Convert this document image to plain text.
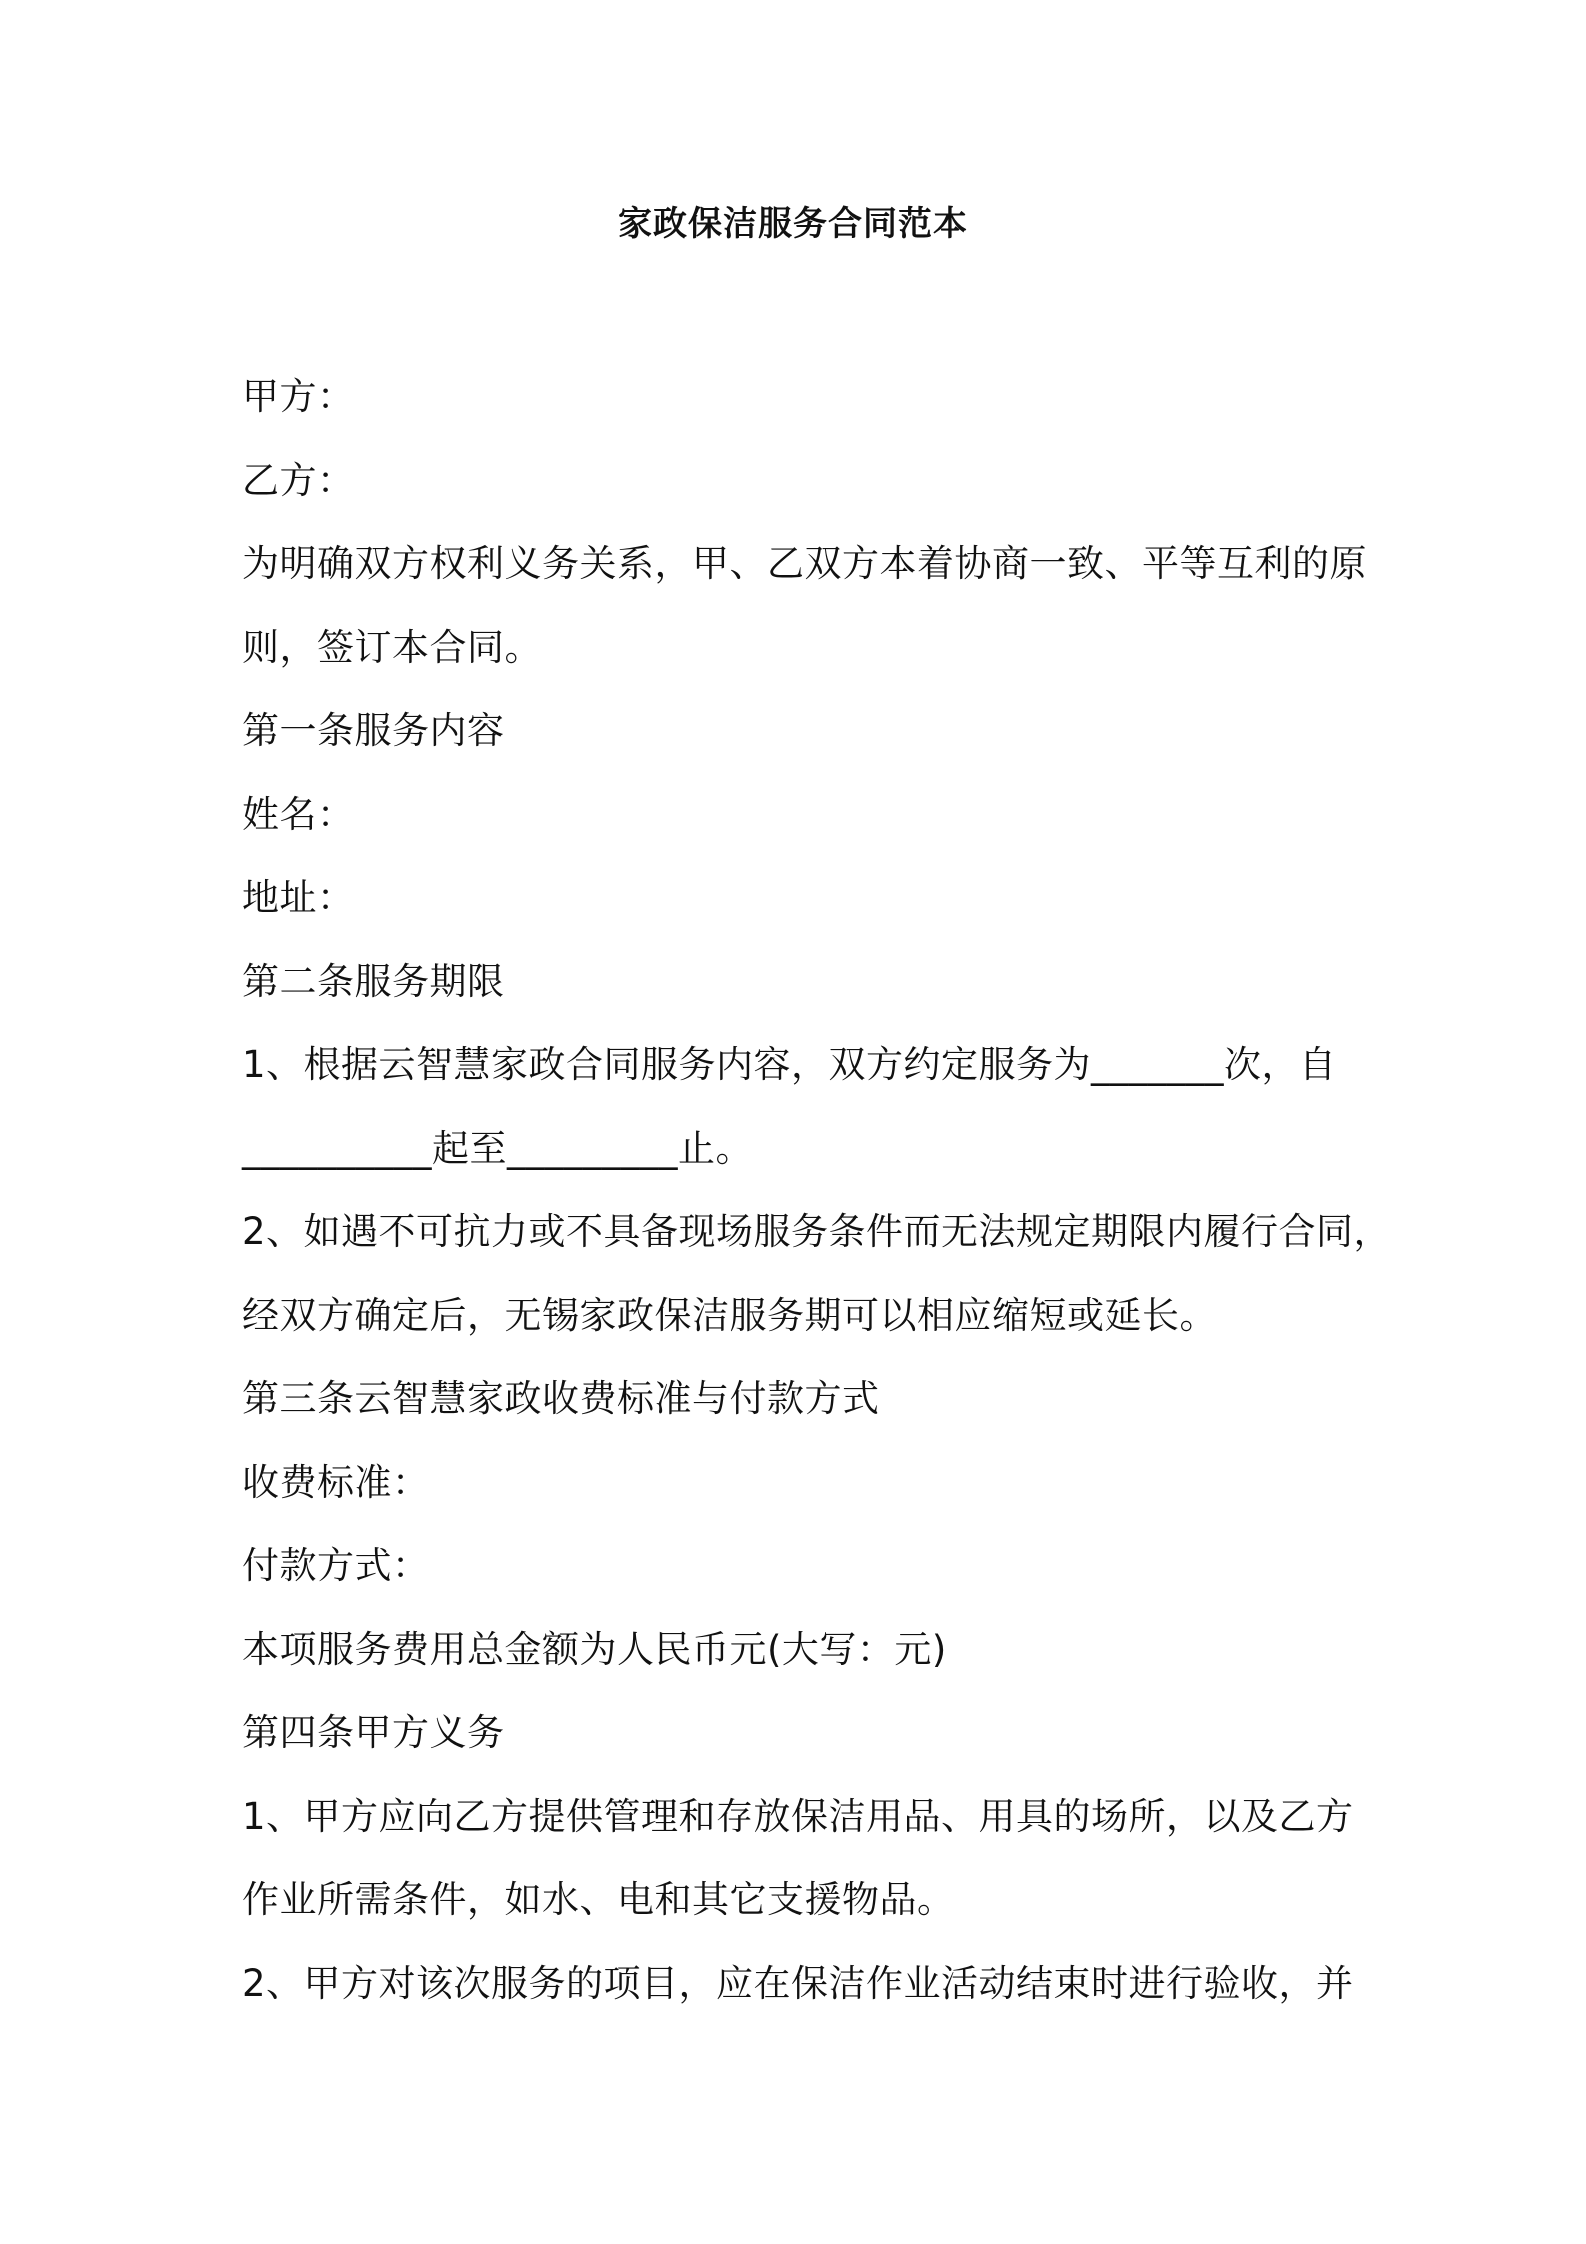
家政保洁服务合同范本
甲方：
乙方：
为明确双方权利义务关系，甲、乙双方本着协商一致、平等互利的原
则，签订本合同。
第一条服务内容
姓名：
地址：
第二条服务期限
1、根据云智慧家政合同服务内容，双方约定服务为_______次，自
__________起至_________止。
2、如遇不可抗力或不具备现场服务条件而无法规定期限内履行合同，
经双方确定后，无锡家政保洁服务期可以相应缩短或延长。
第三条云智慧家政收费标准与付款方式
收费标准：
付款方式：
本项服务费用总金额为人民币元(大写：元)
第四条甲方义务
1、甲方应向乙方提供管理和存放保洁用品、用具的场所，以及乙方
作业所需条件，如水、电和其它支援物品。
2、甲方对该次服务的项目，应在保洁作业活动结束时进行验收，并
